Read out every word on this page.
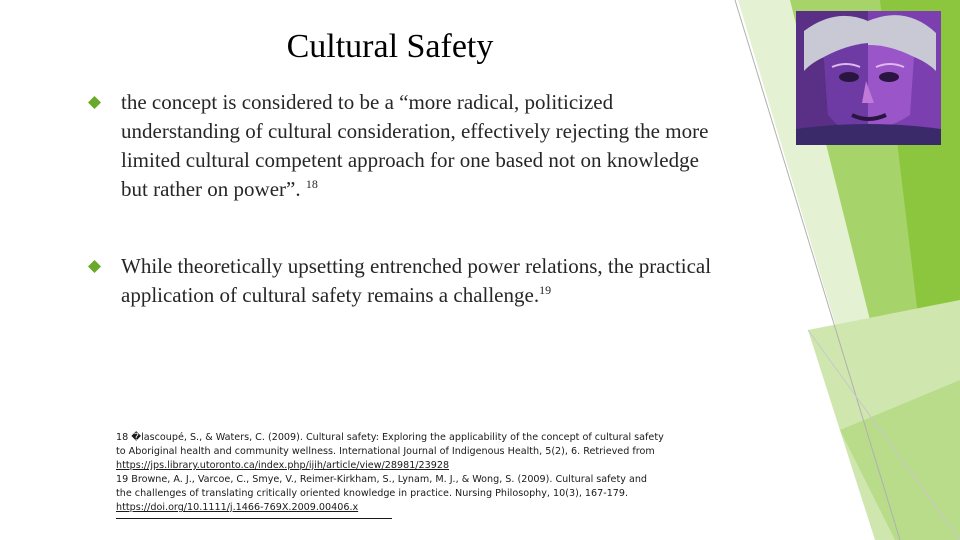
Cultural Safety
the concept is considered to be a “more radical, politicized understanding of cultural consideration, effectively rejecting the more limited cultural competent approach for one based not on knowledge but rather on power”. $^{18}$
While theoretically upsetting entrenched power relations, the practical application of cultural safety remains a challenge.$^{19}$
18 �lascoupé, S., & Waters, C. (2009). Cultural safety: Exploring the applicability of the concept of cultural safety
to Aboriginal health and community wellness. International Journal of Indigenous Health, 5(2), 6. Retrieved from
https://jps.library.utoronto.ca/index.php/ijih/article/view/28981/23928
19 Browne, A. J., Varcoe, C., Smye, V., Reimer-Kirkham, S., Lynam, M. J., & Wong, S. (2009). Cultural safety and
the challenges of translating critically oriented knowledge in practice. Nursing Philosophy, 10(3), 167-179.
https://doi.org/10.1111/j.1466-769X.2009.00406.x
